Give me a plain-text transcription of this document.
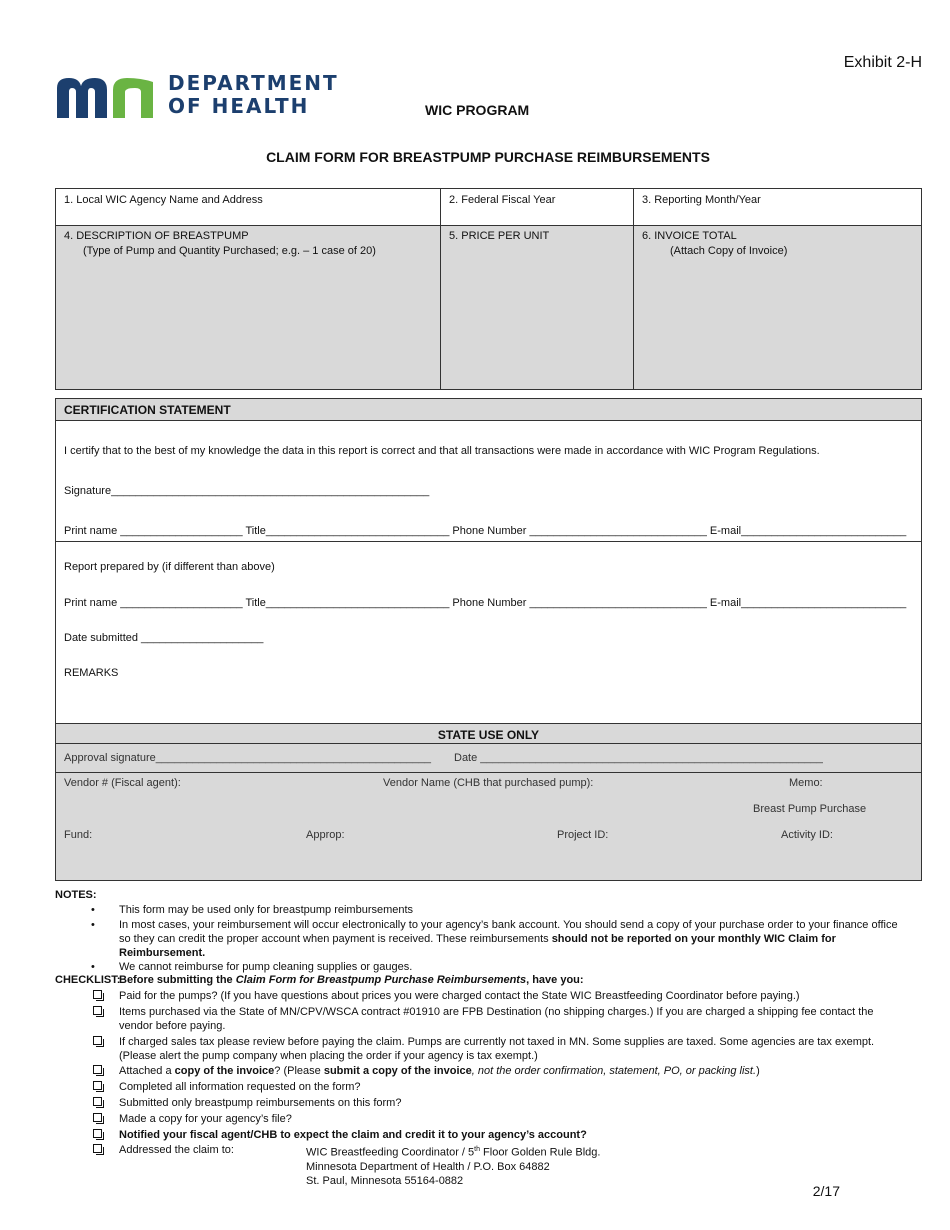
Exhibit 2-H
DEPARTMENT
OF HEALTH	WIC PROGRAM
CLAIM FORM FOR BREASTPUMP PURCHASE REIMBURSEMENTS
1. Local WIC Agency Name and Address	2. Federal Fiscal Year	3. Reporting Month/Year
4. DESCRIPTION OF BREASTPUMP
(Type of Pump and Quantity Purchased; e.g. – 1 case of 20)
5. PRICE PER UNIT	6. INVOICE TOTAL
(Attach Copy of Invoice)
CERTIFICATION STATEMENT
I certify that to the best of my knowledge the data in this report is correct and that all transactions were made in accordance with WIC Program Regulations.
Signature____________________________________________________
Print name ____________________ Title______________________________ Phone Number _____________________________ E-mail___________________________
Report prepared by (if different than above)
Print name ____________________ Title______________________________ Phone Number _____________________________ E-mail___________________________
Date submitted ____________________
REMARKS
STATE USE ONLY
Approval signature_____________________________________________ Date ________________________________________________________
Vendor # (Fiscal agent):	Vendor Name (CHB that purchased pump):	Memo:
Breast Pump Purchase
Fund:	Approp:	Project ID:	Activity ID:
NOTES:
• This form may be used only for breastpump reimbursements
• In most cases, your reimbursement will occur electronically to your agency’s bank account. You should send a copy of your purchase order to your finance office so they can credit the proper account when payment is received. These reimbursements should not be reported on your monthly WIC Claim for Reimbursement.
• We cannot reimburse for pump cleaning supplies or gauges.
CHECKLIST:
Before submitting the Claim Form for Breastpump Purchase Reimbursements, have you:
Paid for the pumps? (If you have questions about prices you were charged contact the State WIC Breastfeeding Coordinator before paying.)
Items purchased via the State of MN/CPV/WSCA contract #01910 are FPB Destination (no shipping charges.) If you are charged a shipping fee contact the vendor before paying.
If charged sales tax please review before paying the claim. Pumps are currently not taxed in MN. Some supplies are taxed. Some agencies are tax exempt. (Please alert the pump company when placing the order if your agency is tax exempt.)
Attached a copy of the invoice? (Please submit a copy of the invoice, not the order confirmation, statement, PO, or packing list.)
Completed all information requested on the form?
Submitted only breastpump reimbursements on this form?
Made a copy for your agency’s file?
Notified your fiscal agent/CHB to expect the claim and credit it to your agency’s account?
Addressed the claim to:	WIC Breastfeeding Coordinator / 5th Floor Golden Rule Bldg.
Minnesota Department of Health / P.O. Box 64882
St. Paul, Minnesota 55164-0882
2/17
